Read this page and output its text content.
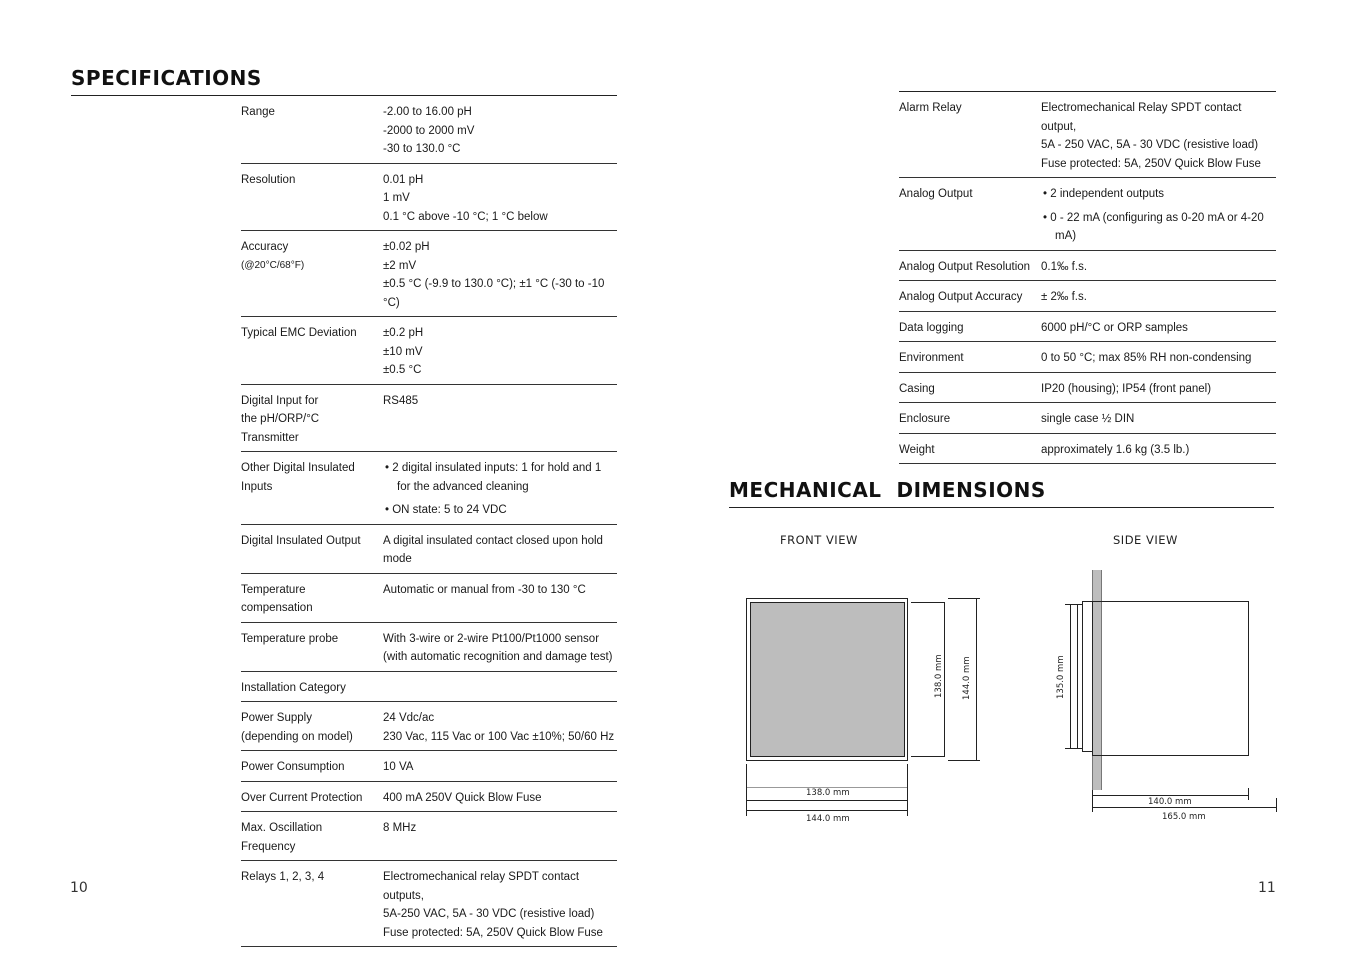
SPECIFICATIONS
Range	-2.00 to 16.00 pH
-2000 to 2000 mV
-30 to 130.0 °C

Resolution	0.01 pH
1 mV
0.1 °C above -10 °C; 1 °C below

Accuracy
(@20°C/68°F)	±0.02 pH
±2 mV
±0.5 °C (-9.9 to 130.0 °C); ±1 °C (-30 to -10 °C)

Typical EMC Deviation	±0.2 pH
±10 mV
±0.5 °C

Digital Input for
the pH/ORP/°C Transmitter	RS485

Other Digital Insulated Inputs	• 2 digital insulated inputs: 1 for hold and 1 for the advanced cleaning
• ON state: 5 to 24 VDC

Digital Insulated Output	A digital insulated contact closed upon hold mode

Temperature compensation	Automatic or manual from -30 to 130 °C

Temperature probe	With 3-wire or 2-wire Pt100/Pt1000 sensor
(with automatic recognition and damage test)

Installation Category	

Power Supply
(depending on model)	24 Vdc/ac
230 Vac, 115 Vac or 100 Vac ±10%; 50/60 Hz

Power Consumption	10 VA

Over Current Protection	400 mA 250V Quick Blow Fuse

Max. Oscillation Frequency	8 MHz

Relays 1, 2, 3, 4	Electromechanical relay SPDT contact outputs,
5A-250 VAC, 5A - 30 VDC (resistive load)
Fuse protected: 5A, 250V Quick Blow Fuse
10
Alarm Relay	Electromechanical Relay SPDT contact output,
5A - 250 VAC, 5A - 30 VDC (resistive load)
Fuse protected: 5A, 250V Quick Blow Fuse

Analog Output	• 2 independent outputs
• 0 - 22 mA (configuring as 0-20 mA or 4-20 mA)

Analog Output Resolution	0.1‰ f.s.

Analog Output Accuracy	± 2‰ f.s.

Data logging	6000 pH/°C or ORP samples

Environment	0 to 50 °C; max 85% RH non-condensing

Casing	IP20 (housing); IP54 (front panel)

Enclosure	single case ½ DIN

Weight	approximately 1.6 kg (3.5 lb.)
MECHANICAL  DIMENSIONS
FRONT VIEW	SIDE VIEW
138.0 mm
144.0 mm
138.0 mm 144.0 mm	135.0 mm
140.0 mm
165.0 mm
11
